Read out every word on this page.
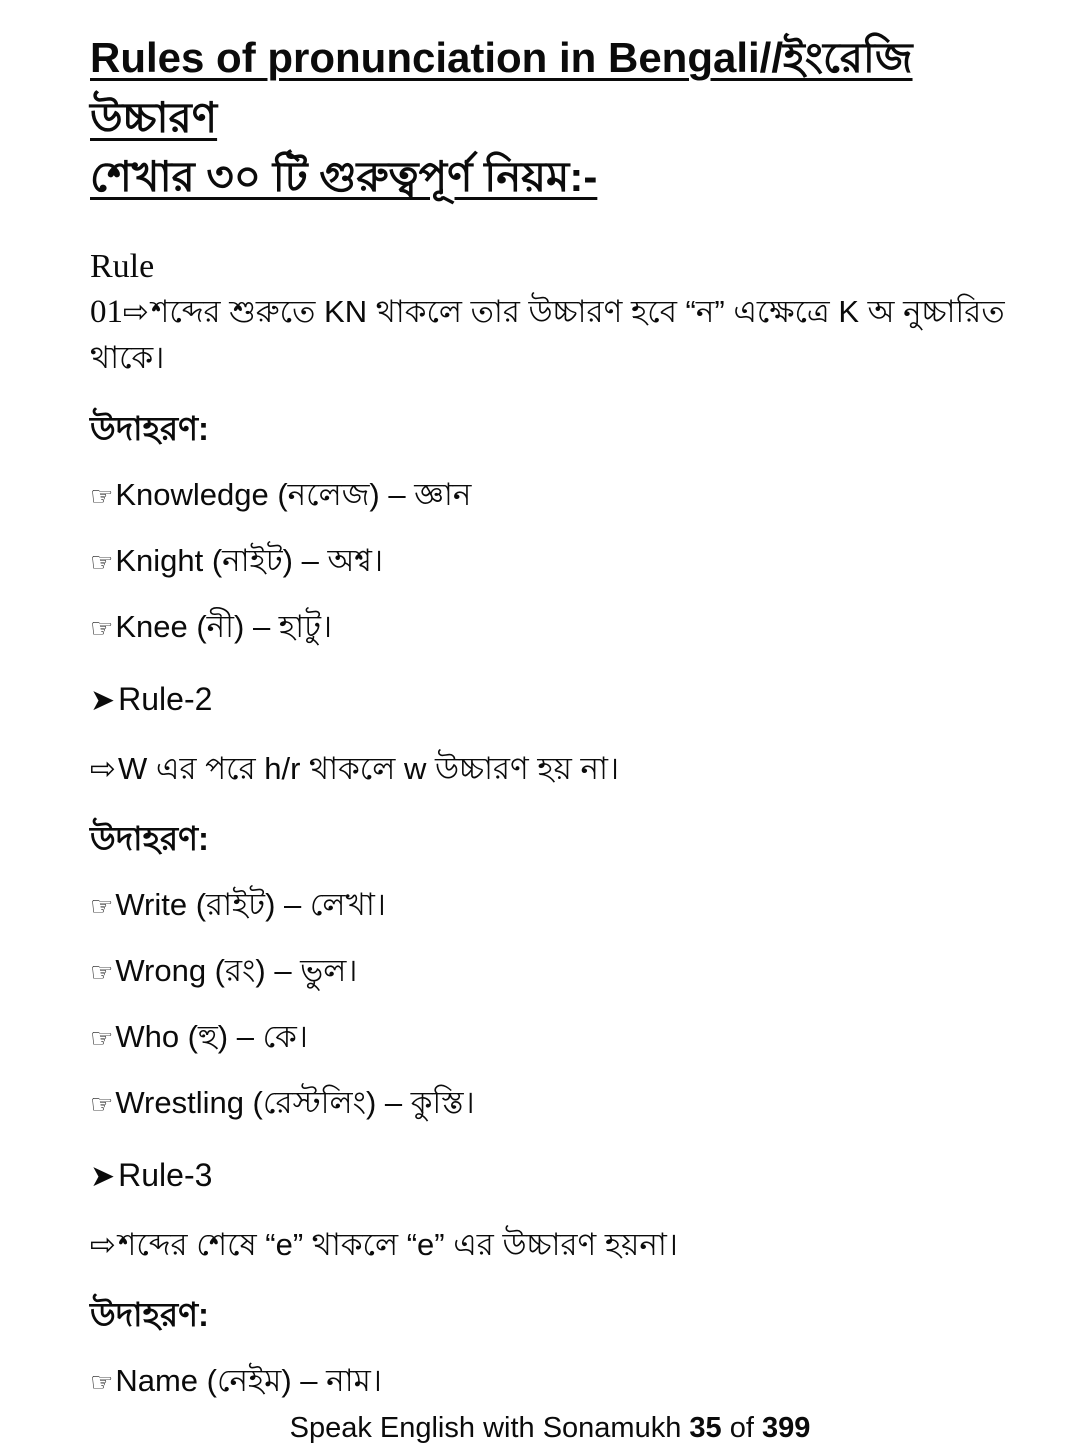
Rules of pronunciation in Bengali//ইংরেজি উচ্চারণ
শেখার ৩০ টি গুরুত্বপূর্ণ নিয়ম:-
Rule

01⇨শব্দের শুরুতে KN থাকলে তার উচ্চারণ হবে “ন” এক্ষেত্রে K অ নুচ্চারিত থাকে।

উদাহরণ:

☞Knowledge (নলেজ) – জ্ঞান

☞Knight (নাইট) – অশ্ব।

☞Knee (নী) – হাটু।

➤Rule-2

⇨W এর পরে h/r থাকলে w উচ্চারণ হয় না।

উদাহরণ:

☞Write (রাইট) – লেখা।

☞Wrong (রং) – ভুল।

☞Who (হু) – কে।

☞Wrestling (রেস্টলিং) – কুস্তি।

➤Rule-3

⇨শব্দের শেষে “e” থাকলে “e” এর উচ্চারণ হয়না।

উদাহরণ:

☞Name (নেইম) – নাম।

Speak English with Sonamukh 35 of 399
